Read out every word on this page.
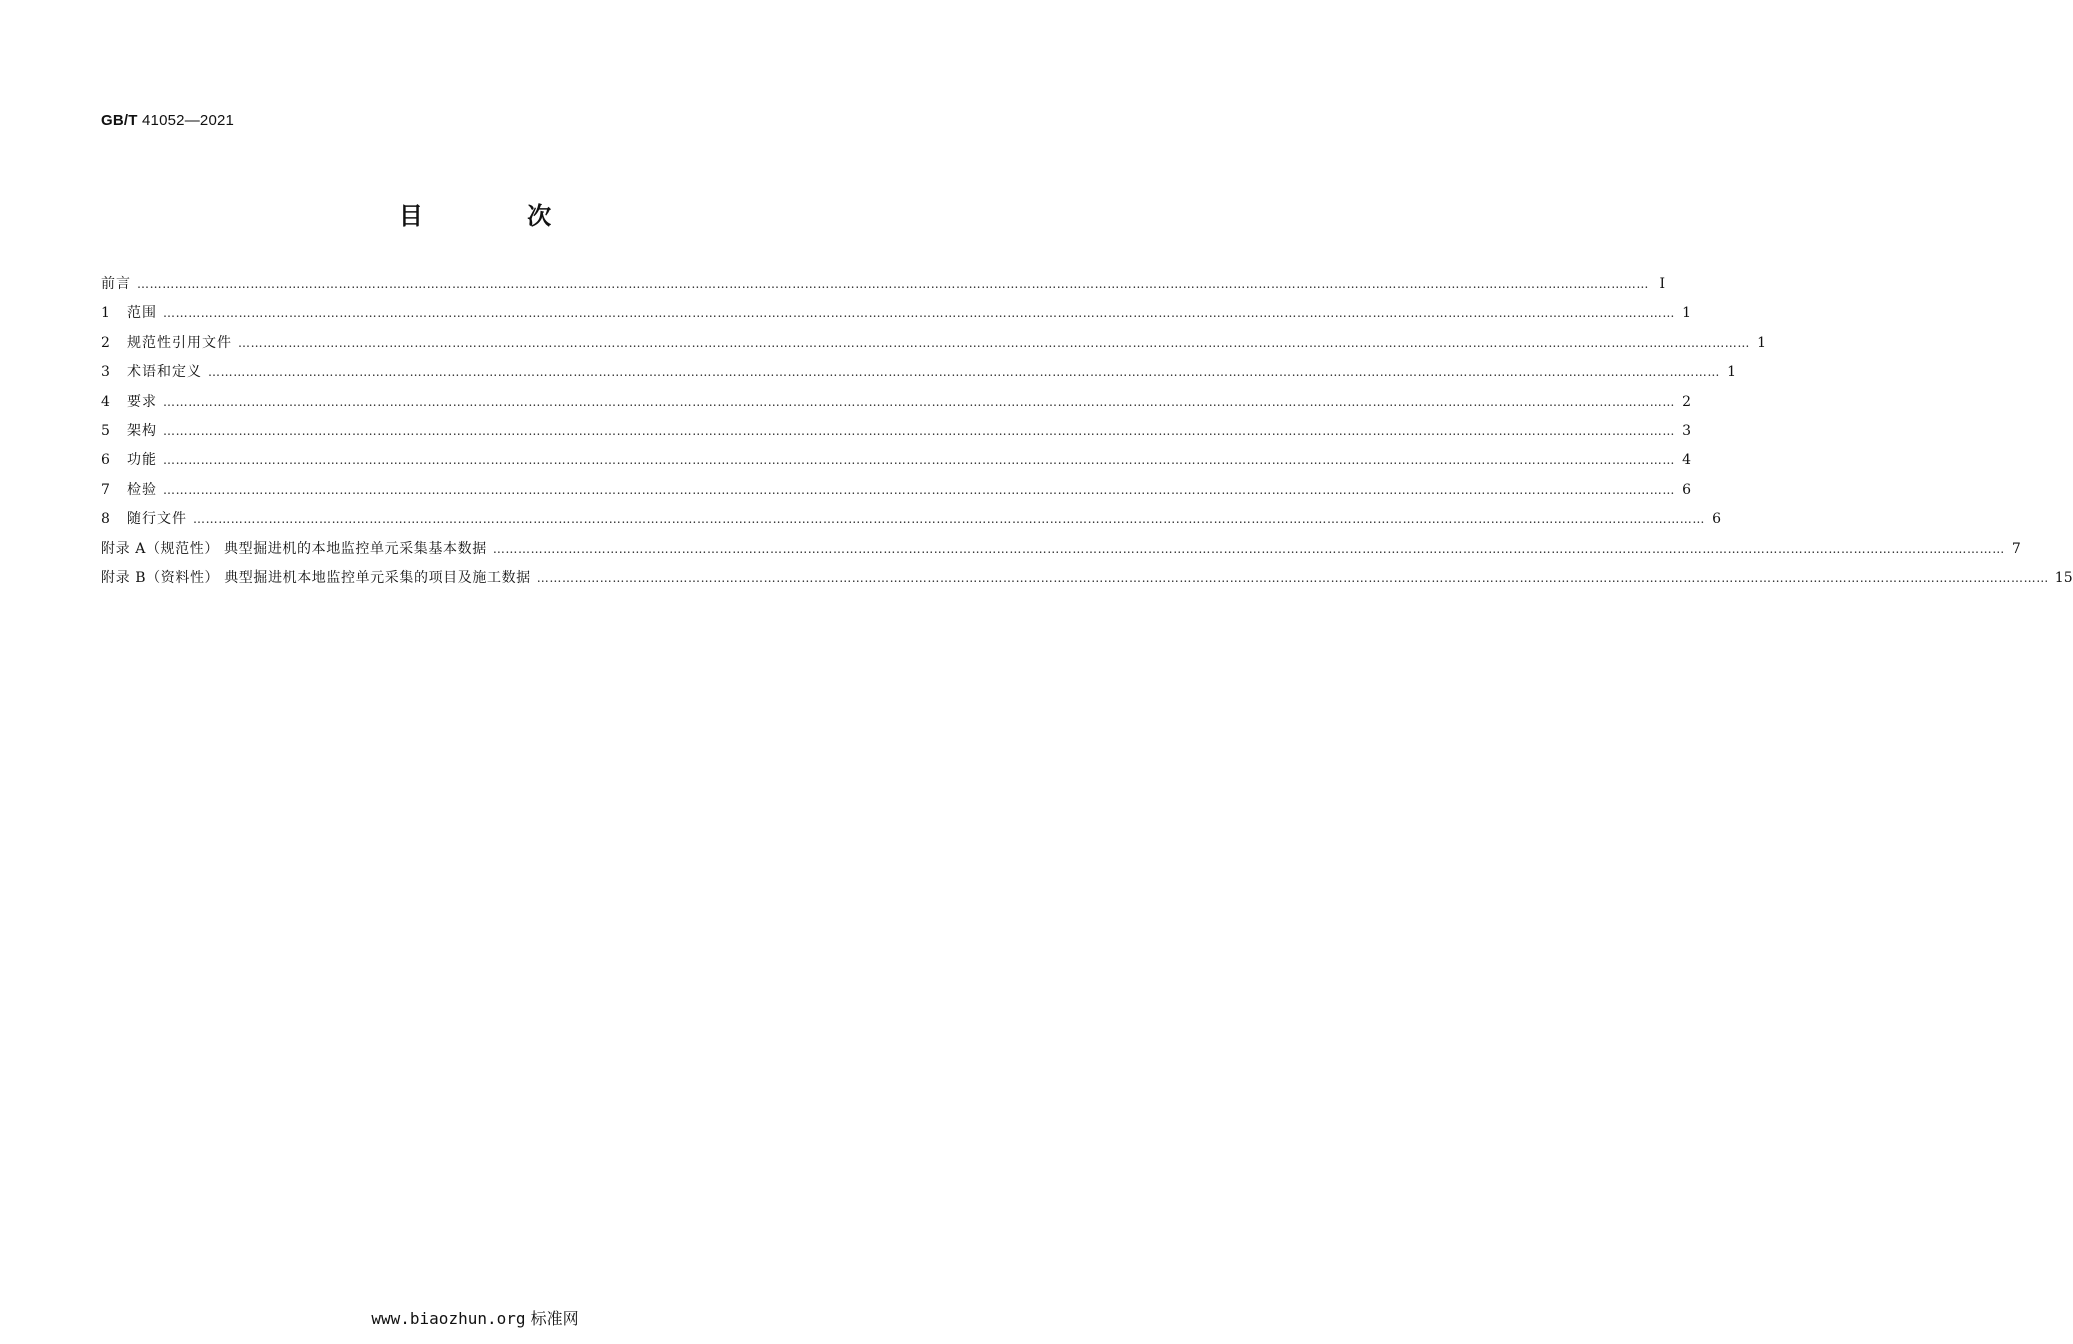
GB/T 41052—2021
目 次
前言 ……………………………………………………………………………………………………………………………………………………………………………………………………………………………………………………………………………………………………………………………… Ⅰ
1	范围 ……………………………………………………………………………………………………………………………………………………………………………………………………………………………………………………………………………………………………………………………… 1
2	规范性引用文件 ……………………………………………………………………………………………………………………………………………………………………………………………………………………………………………………………………………………………………………………………… 1
3	术语和定义 ……………………………………………………………………………………………………………………………………………………………………………………………………………………………………………………………………………………………………………………………… 1
4	要求 ……………………………………………………………………………………………………………………………………………………………………………………………………………………………………………………………………………………………………………………………… 2
5	架构 ……………………………………………………………………………………………………………………………………………………………………………………………………………………………………………………………………………………………………………………………… 3
6	功能 ……………………………………………………………………………………………………………………………………………………………………………………………………………………………………………………………………………………………………………………………… 4
7	检验 ……………………………………………………………………………………………………………………………………………………………………………………………………………………………………………………………………………………………………………………………… 6
8	随行文件 ……………………………………………………………………………………………………………………………………………………………………………………………………………………………………………………………………………………………………………………………… 6
附录 A（规范性） 典型掘进机的本地监控单元采集基本数据 ……………………………………………………………………………………………………………………………………………………………………………………………………………………………………………………………………………………………………………………………… 7
附录 B（资料性） 典型掘进机本地监控单元采集的项目及施工数据 ……………………………………………………………………………………………………………………………………………………………………………………………………………………………………………………………………………………………………………………………… 15
www.biaozhun.org 标准网
